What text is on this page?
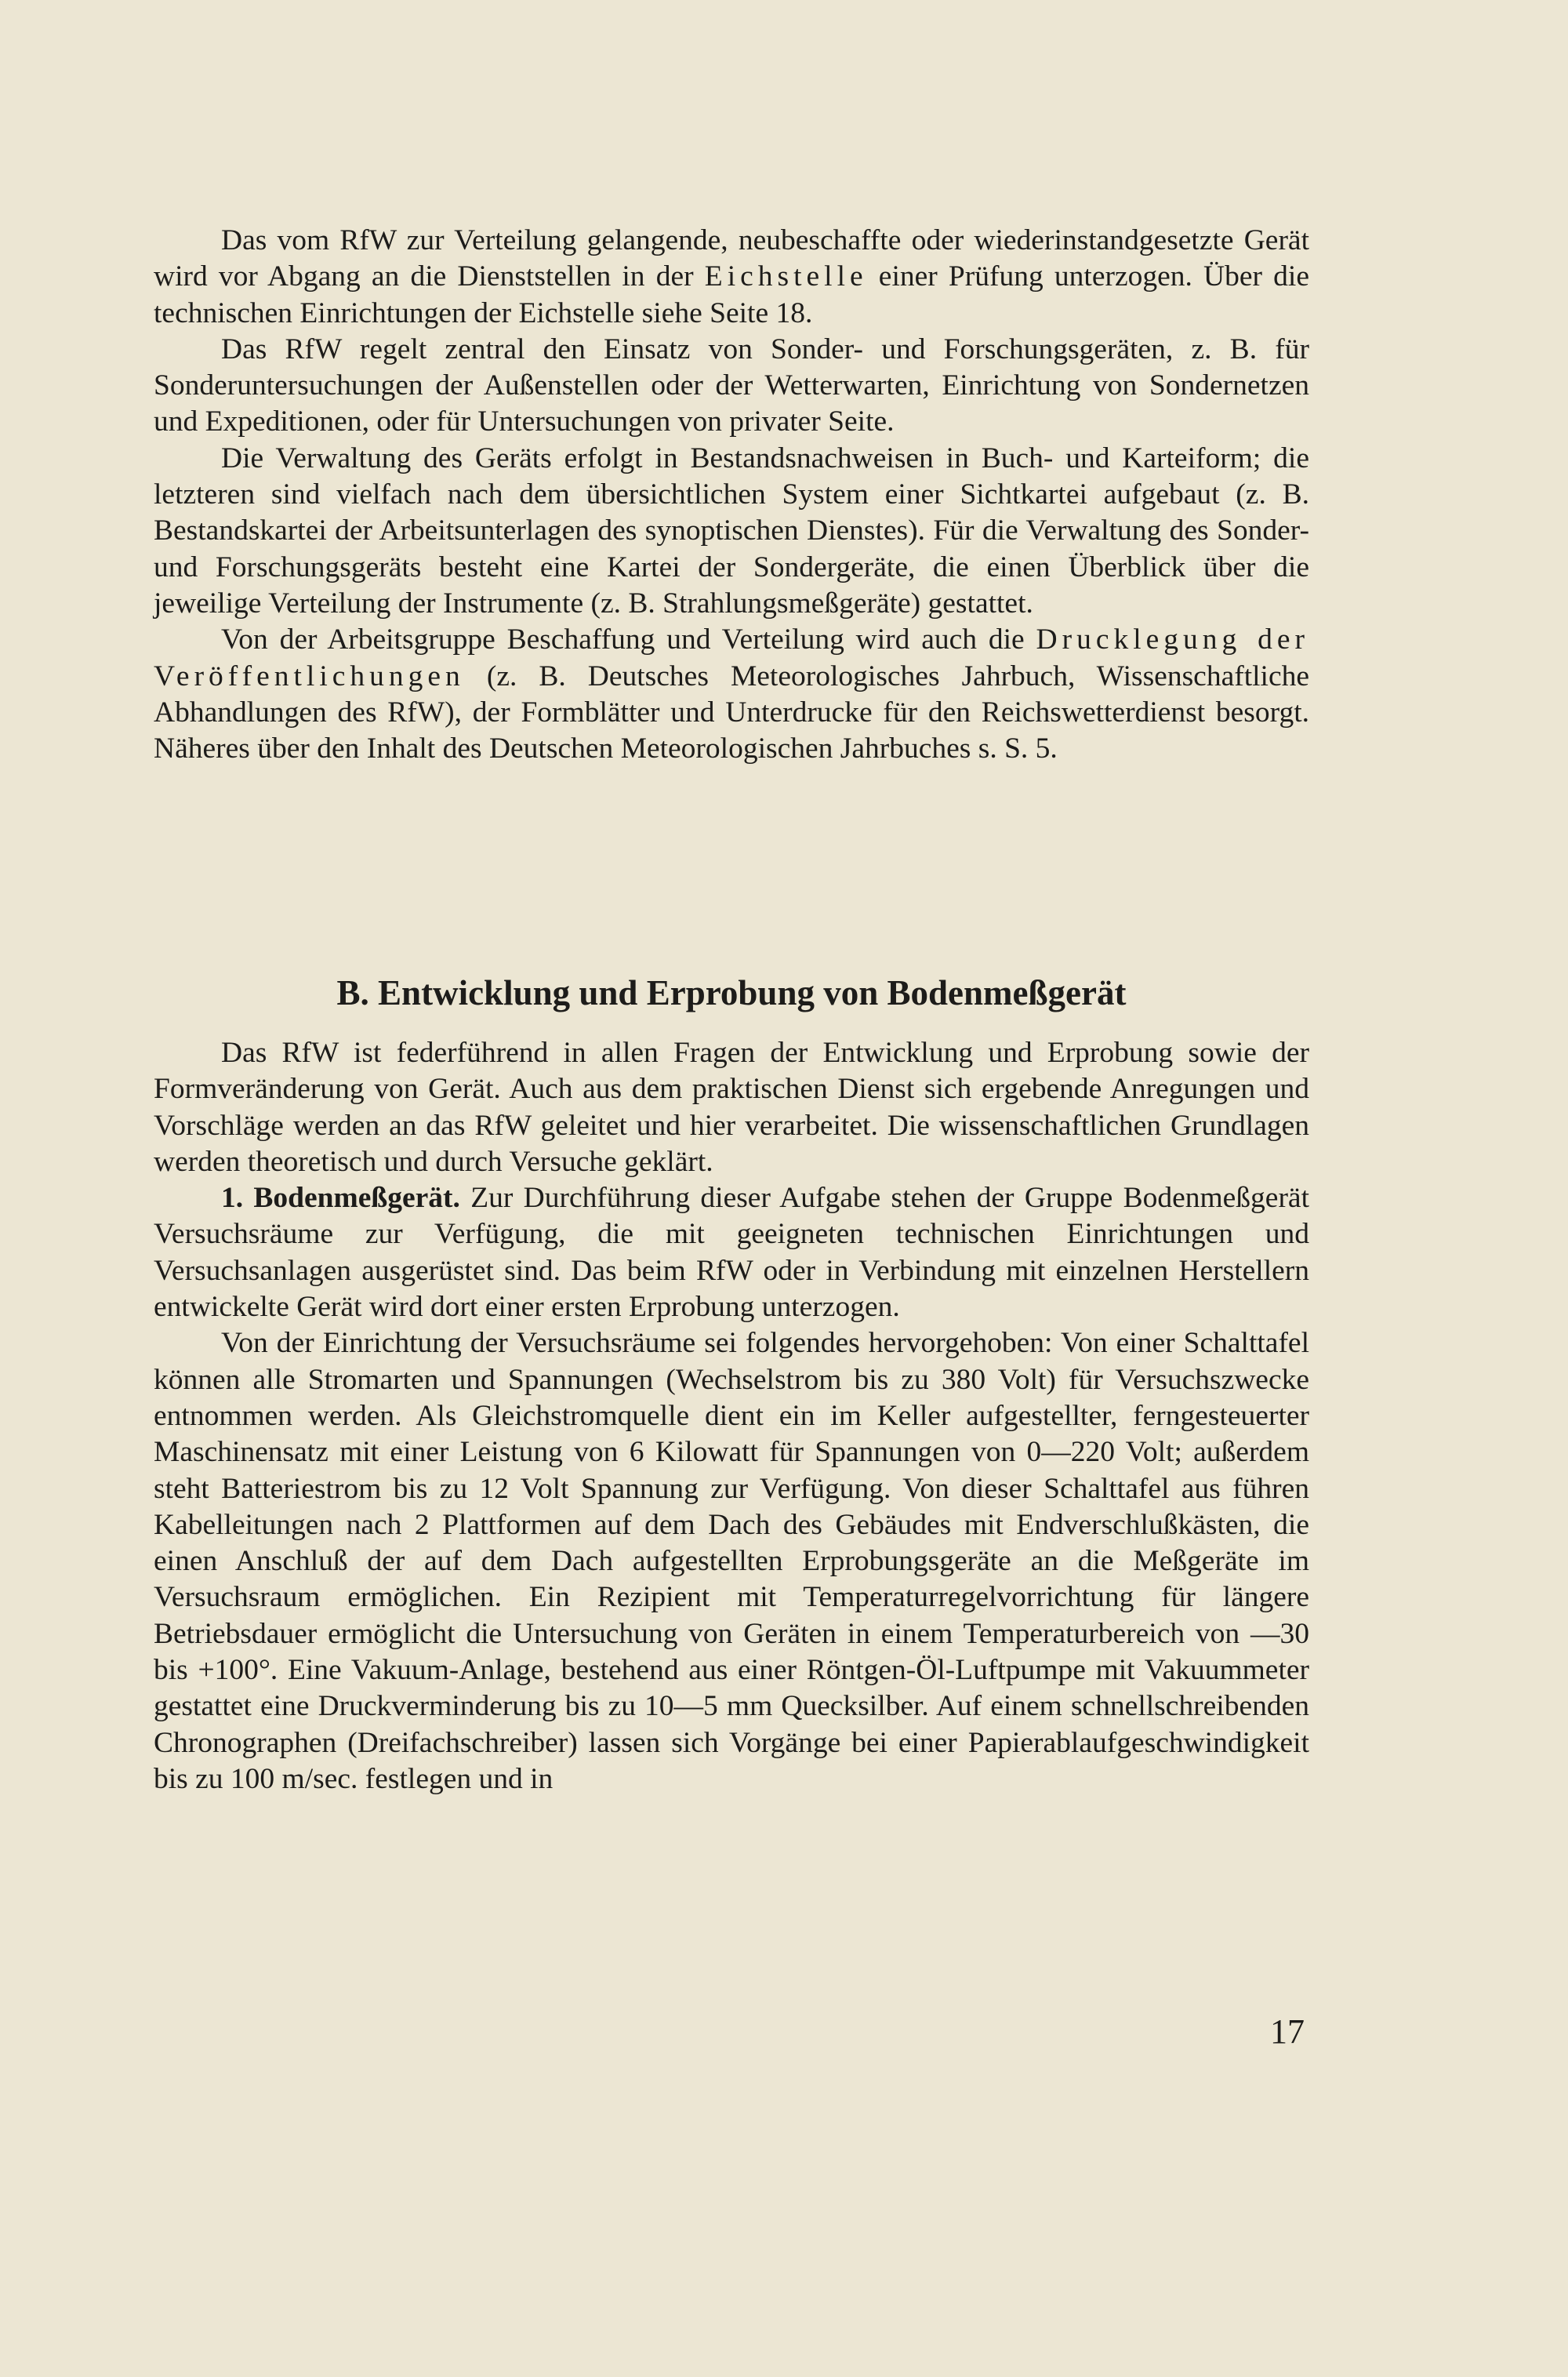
Das vom RfW zur Verteilung gelangende, neubeschaffte oder wiederinstandgesetzte Gerät wird vor Abgang an die Dienststellen in der Eichstelle einer Prüfung unterzogen. Über die technischen Einrichtungen der Eichstelle siehe Seite 18.

Das RfW regelt zentral den Einsatz von Sonder- und Forschungsgeräten, z. B. für Sonderuntersuchungen der Außenstellen oder der Wetterwarten, Einrichtung von Sondernetzen und Expeditionen, oder für Untersuchungen von privater Seite.

Die Verwaltung des Geräts erfolgt in Bestandsnachweisen in Buch- und Karteiform; die letzteren sind vielfach nach dem übersichtlichen System einer Sichtkartei aufgebaut (z. B. Bestandskartei der Arbeitsunterlagen des synoptischen Dienstes). Für die Verwaltung des Sonder- und Forschungsgeräts besteht eine Kartei der Sondergeräte, die einen Überblick über die jeweilige Verteilung der Instrumente (z. B. Strahlungsmeßgeräte) gestattet.

Von der Arbeitsgruppe Beschaffung und Verteilung wird auch die Drucklegung der Veröffentlichungen (z. B. Deutsches Meteorologisches Jahrbuch, Wissenschaftliche Abhandlungen des RfW), der Formblätter und Unterdrucke für den Reichswetterdienst besorgt. Näheres über den Inhalt des Deutschen Meteorologischen Jahrbuches s. S. 5.

B. Entwicklung und Erprobung von Bodenmeßgerät

Das RfW ist federführend in allen Fragen der Entwicklung und Erprobung sowie der Formveränderung von Gerät. Auch aus dem praktischen Dienst sich ergebende Anregungen und Vorschläge werden an das RfW geleitet und hier verarbeitet. Die wissenschaftlichen Grundlagen werden theoretisch und durch Versuche geklärt.

1. Bodenmeßgerät. Zur Durchführung dieser Aufgabe stehen der Gruppe Bodenmeßgerät Versuchsräume zur Verfügung, die mit geeigneten technischen Einrichtungen und Versuchsanlagen ausgerüstet sind. Das beim RfW oder in Verbindung mit einzelnen Herstellern entwickelte Gerät wird dort einer ersten Erprobung unterzogen.

Von der Einrichtung der Versuchsräume sei folgendes hervorgehoben: Von einer Schalttafel können alle Stromarten und Spannungen (Wechselstrom bis zu 380 Volt) für Versuchszwecke entnommen werden. Als Gleichstromquelle dient ein im Keller aufgestellter, ferngesteuerter Maschinensatz mit einer Leistung von 6 Kilowatt für Spannungen von 0—220 Volt; außerdem steht Batteriestrom bis zu 12 Volt Spannung zur Verfügung. Von dieser Schalttafel aus führen Kabelleitungen nach 2 Plattformen auf dem Dach des Gebäudes mit Endverschlußkästen, die einen Anschluß der auf dem Dach aufgestellten Erprobungsgeräte an die Meßgeräte im Versuchsraum ermöglichen. Ein Rezipient mit Temperaturregelvorrichtung für längere Betriebsdauer ermöglicht die Untersuchung von Geräten in einem Temperaturbereich von —30 bis +100°. Eine Vakuum-Anlage, bestehend aus einer Röntgen-Öl-Luftpumpe mit Vakuummeter gestattet eine Druckverminderung bis zu 10—5 mm Quecksilber. Auf einem schnellschreibenden Chronographen (Dreifachschreiber) lassen sich Vorgänge bei einer Papierablaufgeschwindigkeit bis zu 100 m/sec. festlegen und in

17
